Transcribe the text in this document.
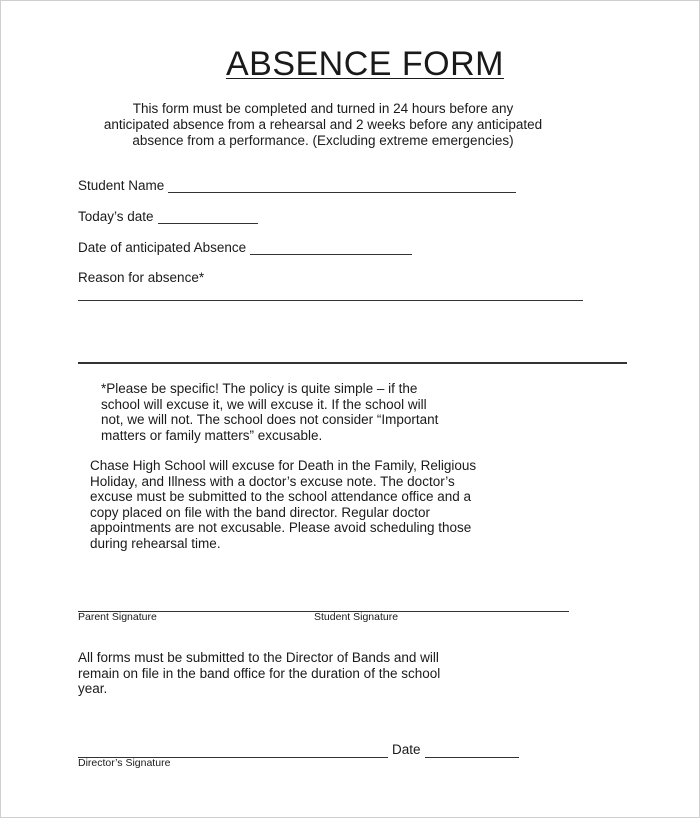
ABSENCE FORM
This form must be completed and turned in 24 hours before any
anticipated absence from a rehearsal and 2 weeks before any anticipated
absence from a performance. (Excluding extreme emergencies)
Student Name
Today’s date
Date of anticipated Absence
Reason for absence*
*Please be specific! The policy is quite simple – if the
school will excuse it, we will excuse it. If the school will
not, we will not. The school does not consider “Important
matters or family matters” excusable.
Chase High School will excuse for Death in the Family, Religious
Holiday, and Illness with a doctor’s excuse note. The doctor’s
excuse must be submitted to the school attendance office and a
copy placed on file with the band director. Regular doctor
appointments are not excusable. Please avoid scheduling those
during rehearsal time.
Parent Signature	Student Signature
All forms must be submitted to the Director of Bands and will
remain on file in the band office for the duration of the school
year.
Date
Director’s Signature
